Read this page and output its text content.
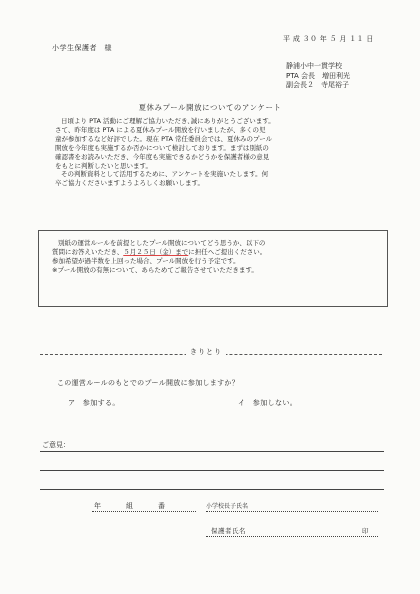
平 成 ３０ 年 ５ 月 １１ 日
小学生保護者　様
静浦小中一貫学校
PTA 会長　増田利光
副会長２　寺尾裕子
夏休みプール開放についてのアンケート
日頃より PTA 活動にご理解ご協力いただき､誠にありがとうございます。
さて、昨年度は PTA による夏休みプール開放を行いましたが、多くの児
童が参加するなど好評でした。現在 PTA 常任委員会では、夏休みのプール
開放を今年度も実施するか否かについて検討しております。まずは別紙の
確認書をお読みいただき、今年度も実施できるかどうかを保護者様の意見
をもとに判断したいと思います。
その判断資料として活用するために、アンケートを実施いたします。何
卒ご協力くださいますようよろしくお願いします。
別紙の運営ルールを前提としたプール開放についてどう思うか、以下の
質問にお答えいただき、５月２５日（金）までに担任へご提出ください。
参加希望が過半数を上回った場合、プール開放を行う予定です。
※プール開放の有無について、あらためてご報告させていただきます。
きりとり
この運営ルールのもとでのプール開放に参加しますか？
ア　参加する。	イ　参加しない。
ご意見：
年	組	番	小学校長子氏名
保護者氏名	印
